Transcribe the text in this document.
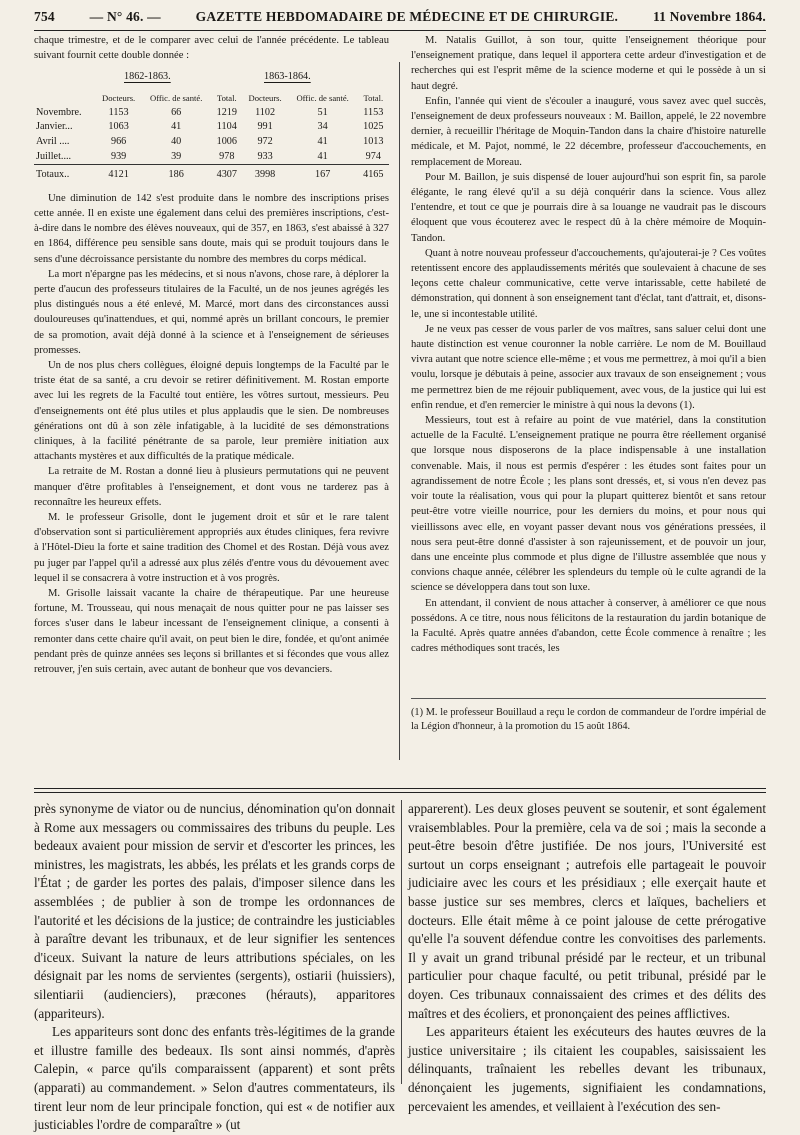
754	— N° 46. —	GAZETTE HEBDOMADAIRE DE MÉDECINE ET DE CHIRURGIE.	11 Novembre 1864.

chaque trimestre, et de le comparer avec celui de l'année précédente. Le tableau suivant fournit cette double donnée :

1862-1863.	1863-1864.
	Docteurs.	Offic. de santé.	Total.	Docteurs.	Offic. de santé.	Total.
Novembre.	1153	66	1219	1102	51	1153
Janvier...	1063	41	1104	991	34	1025
Avril ....	966	40	1006	972	41	1013
Juillet....	939	39	978	933	41	974
Totaux..	4121	186	4307	3998	167	4165

Une diminution de 142 s'est produite dans le nombre des inscriptions prises cette année. Il en existe une également dans celui des premières inscriptions, c'est-à-dire dans le nombre des élèves nouveaux, qui de 357, en 1863, s'est abaissé à 327 en 1864, différence peu sensible sans doute, mais qui se produit toujours dans le sens d'une décroissance persistante du nombre des membres du corps médical.

La mort n'épargne pas les médecins, et si nous n'avons, chose rare, à déplorer la perte d'aucun des professeurs titulaires de la Faculté, un de nos jeunes agrégés les plus distingués nous a été enlevé, M. Marcé, mort dans des circonstances aussi douloureuses qu'inattendues, et qui, nommé après un brillant concours, le premier de sa promotion, avait déjà donné à la science et à l'enseignement de sérieuses promesses.

Un de nos plus chers collègues, éloigné depuis longtemps de la Faculté par le triste état de sa santé, a cru devoir se retirer définitivement. M. Rostan emporte avec lui les regrets de la Faculté tout entière, les vôtres surtout, messieurs. Peu d'enseignements ont été plus utiles et plus applaudis que le sien. De nombreuses générations ont dû à son zèle infatigable, à la lucidité de ses démonstrations cliniques, à la facilité pénétrante de sa parole, leur première initiation aux attachants mystères et aux difficultés de la pratique médicale.

La retraite de M. Rostan a donné lieu à plusieurs permutations qui ne peuvent manquer d'être profitables à l'enseignement, et dont vous ne tarderez pas à reconnaître les heureux effets.

M. le professeur Grisolle, dont le jugement droit et sûr et le rare talent d'observation sont si particulièrement appropriés aux études cliniques, fera revivre à l'Hôtel-Dieu la forte et saine tradition des Chomel et des Rostan. Déjà vous avez pu juger par l'appel qu'il a adressé aux plus zélés d'entre vous du dévouement avec lequel il se consacrera à votre instruction et à vos progrès.

M. Grisolle laissait vacante la chaire de thérapeutique. Par une heureuse fortune, M. Trousseau, qui nous menaçait de nous quitter pour ne pas laisser ses forces s'user dans le labeur incessant de l'enseignement clinique, a consenti à remonter dans cette chaire qu'il avait, on peut bien le dire, fondée, et qu'ont animée pendant près de quinze années ses leçons si brillantes et si fécondes que vous allez retrouver, j'en suis certain, avec autant de bonheur que vos devanciers.

M. Natalis Guillot, à son tour, quitte l'enseignement théorique pour l'enseignement pratique, dans lequel il apportera cette ardeur d'investigation et de recherches qui est l'esprit même de la science moderne et qui le possède à un si haut degré.

Enfin, l'année qui vient de s'écouler a inauguré, vous savez avec quel succès, l'enseignement de deux professeurs nouveaux : M. Baillon, appelé, le 22 novembre dernier, à recueillir l'héritage de Moquin-Tandon dans la chaire d'histoire naturelle médicale, et M. Pajot, nommé, le 22 décembre, professeur d'accouchements, en remplacement de Moreau.

Pour M. Baillon, je suis dispensé de louer aujourd'hui son esprit fin, sa parole élégante, le rang élevé qu'il a su déjà conquérir dans la science. Vous allez l'entendre, et tout ce que je pourrais dire à sa louange ne vaudrait pas le discours éloquent que vous écouterez avec le respect dû à la chère mémoire de Moquin-Tandon.

Quant à notre nouveau professeur d'accouchements, qu'ajouterai-je ? Ces voûtes retentissent encore des applaudissements mérités que soulevaient à chacune de ses leçons cette chaleur communicative, cette verve intarissable, cette habileté de démonstration, qui donnent à son enseignement tant d'éclat, tant d'attrait, et, disons-le, une si incontestable utilité.

Je ne veux pas cesser de vous parler de vos maîtres, sans saluer celui dont une haute distinction est venue couronner la noble carrière. Le nom de M. Bouillaud vivra autant que notre science elle-même ; et vous me permettrez, à moi qu'il a bien voulu, lorsque je débutais à peine, associer aux travaux de son enseignement ; vous me permettrez bien de me réjouir publiquement, avec vous, de la justice qui lui est enfin rendue, et d'en remercier le ministre à qui nous la devons (1).

Messieurs, tout est à refaire au point de vue matériel, dans la constitution actuelle de la Faculté. L'enseignement pratique ne pourra être réellement organisé que lorsque nous disposerons de la place indispensable à une installation convenable. Mais, il nous est permis d'espérer : les études sont faites pour un agrandissement de notre École ; les plans sont dressés, et, si vous n'en devez pas voir toute la réalisation, vous qui pour la plupart quitterez bientôt et sans retour peut-être votre vieille nourrice, pour les derniers du moins, et pour nous qui vieillissons avec elle, en voyant passer devant nous vos générations pressées, il nous sera peut-être donné d'assister à son rajeunissement, et de pouvoir un jour, dans une enceinte plus commode et plus digne de l'illustre assemblée que nous y convions chaque année, célébrer les splendeurs du temple où le culte agrandi de la science se développera dans tout son luxe.

En attendant, il convient de nous attacher à conserver, à améliorer ce que nous possédons. A ce titre, nous nous félicitons de la restauration du jardin botanique de la Faculté. Après quatre années d'abandon, cette École commence à renaître ; les cadres méthodiques sont tracés, les

(1) M. le professeur Bouillaud a reçu le cordon de commandeur de l'ordre impérial de la Légion d'honneur, à la promotion du 15 août 1864.

près synonyme de viator ou de nuncius, dénomination qu'on donnait à Rome aux messagers ou commissaires des tribuns du peuple. Les bedeaux avaient pour mission de servir et d'escorter les princes, les ministres, les magistrats, les abbés, les prélats et les grands corps de l'État ; de garder les portes des palais, d'imposer silence dans les assemblées ; de publier à son de trompe les ordonnances de l'autorité et les décisions de la justice; de contraindre les justiciables à paraître devant les tribunaux, et de leur signifier les sentences d'iceux. Suivant la nature de leurs attributions spéciales, on les désignait par les noms de servientes (sergents), ostiarii (huissiers), silentiarii (audienciers), præcones (hérauts), apparitores (appariteurs).

Les appariteurs sont donc des enfants très-légitimes de la grande et illustre famille des bedeaux. Ils sont ainsi nommés, d'après Calepin, « parce qu'ils comparaissent (apparent) et sont prêts (apparati) au commandement. » Selon d'autres commentateurs, ils tirent leur nom de leur principale fonction, qui est « de notifier aux justiciables l'ordre de comparaître » (ut

apparerent). Les deux gloses peuvent se soutenir, et sont également vraisemblables. Pour la première, cela va de soi ; mais la seconde a peut-être besoin d'être justifiée. De nos jours, l'Université est surtout un corps enseignant ; autrefois elle partageait le pouvoir judiciaire avec les cours et les présidiaux ; elle exerçait haute et basse justice sur ses membres, clercs et laïques, bacheliers et docteurs. Elle était même à ce point jalouse de cette prérogative qu'elle l'a souvent défendue contre les convoitises des parlements. Il y avait un grand tribunal présidé par le recteur, et un tribunal particulier pour chaque faculté, ou petit tribunal, présidé par le doyen. Ces tribunaux connaissaient des crimes et des délits des maîtres et des écoliers, et prononçaient des peines afflictives.

Les appariteurs étaient les exécuteurs des hautes œuvres de la justice universitaire ; ils citaient les coupables, saisissaient les délinquants, traînaient les rebelles devant les tribunaux, dénonçaient les jugements, signifiaient les condamnations, percevaient les amendes, et veillaient à l'exécution des sen-
